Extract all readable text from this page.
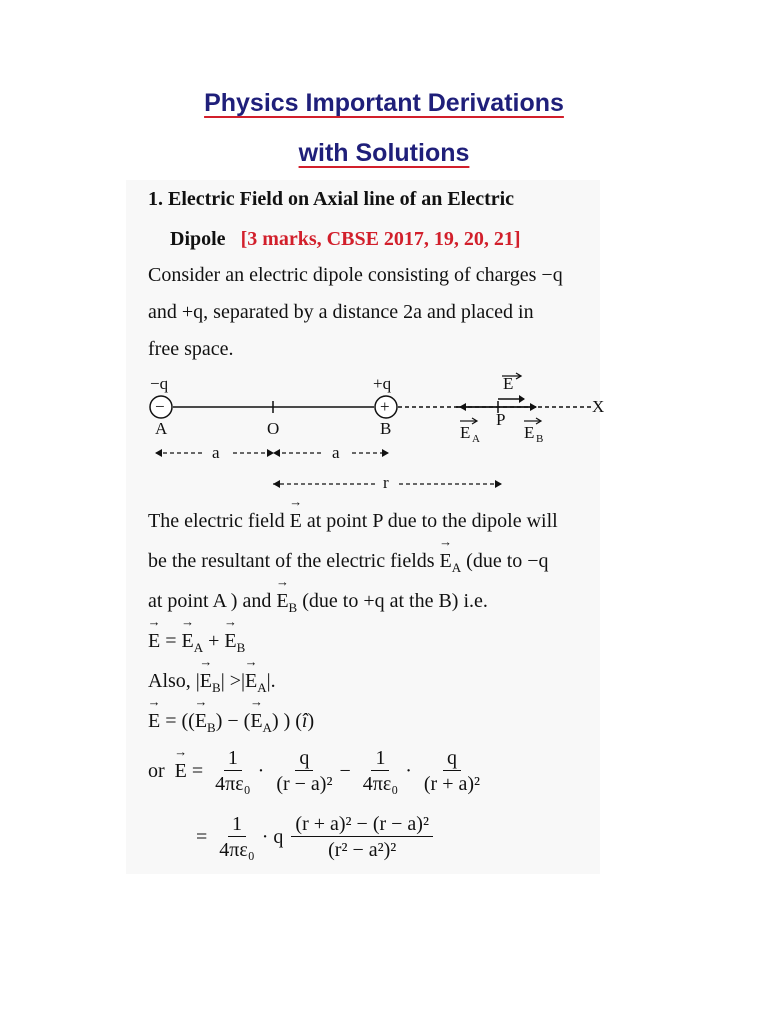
Physics Important Derivations
with Solutions
1. Electric Field on Axial line of an Electric
Dipole [3 marks, CBSE 2017, 19, 20, 21]
Consider an electric dipole consisting of charges −q
and +q, separated by a distance 2a and placed in
free space.
−q	+q	E
−	+	X
A	O	B	P
E A	E B
a	a
r
The electric field → E at point P due to the dipole will
be the resultant of the electric fields → $E_A$ (due to −q
at point A ) and → $E_B$ (due to +q at the B) i.e.
→ E = → $E_A$ + → $E_B$
Also, |→ $E_B|$ >|→ $E_A|$.
→ E = ((→ $E_B$) − (→ $E_A$) ) (î)
or  → $E = \frac{1}{\text{4πε₀}} \cdot \frac{q}{\text{(r − a)²}} - \frac{1}{\text{4πε₀}} \cdot \frac{q}{\text{(r + a)²}}$
= $\frac{1}{\text{4πε₀}} \cdot q \frac{\text{(r + a)² − (r − a)²}}{\text{(r² − a²)²}}$
